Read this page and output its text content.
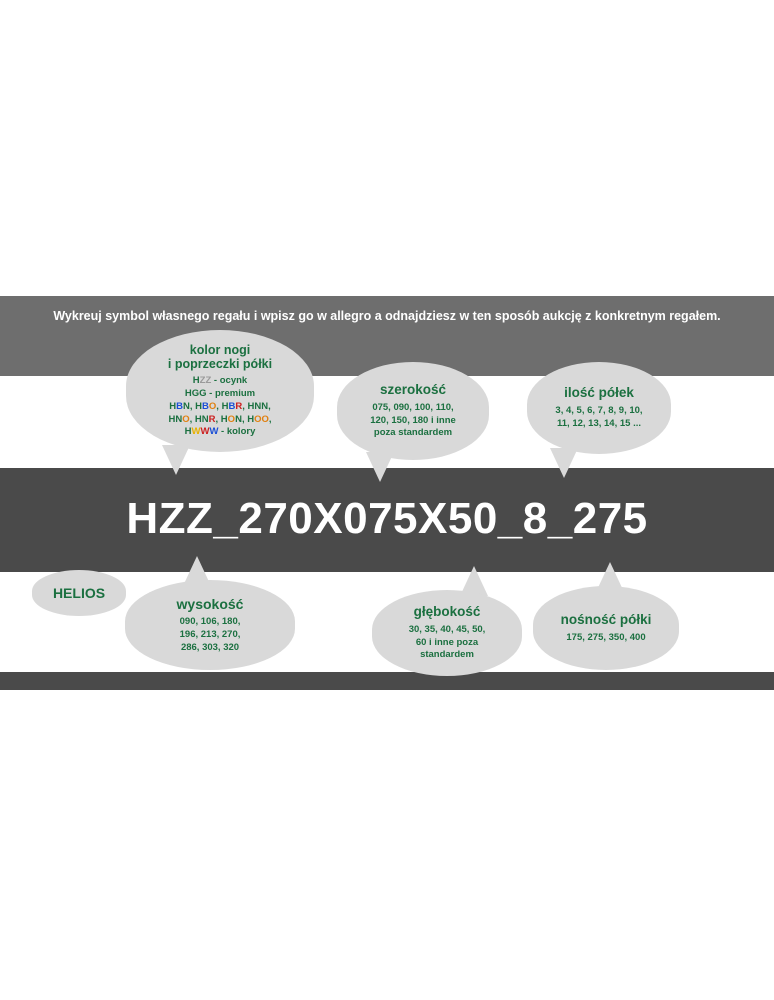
Wykreuj symbol własnego regału i wpisz go w allegro a odnajdziesz w ten sposób aukcję z konkretnym regałem.
HZZ_270X075X50_8_275
kolor nogi
i poprzeczki półki
HZZ - ocynk
HGG - premium
HBN, HBO, HBR, HNN,
HNO, HNR, HON, HOO,
HWWW - kolory
szerokość
075, 090, 100, 110,
120, 150, 180 i inne
poza standardem
ilość półek
3, 4, 5, 6, 7, 8, 9, 10,
11, 12, 13, 14, 15 ...
HELIOS
wysokość
090, 106, 180,
196, 213, 270,
286, 303, 320
głębokość
30, 35, 40, 45, 50,
60 i inne poza
standardem
nośność półki
175, 275, 350, 400
